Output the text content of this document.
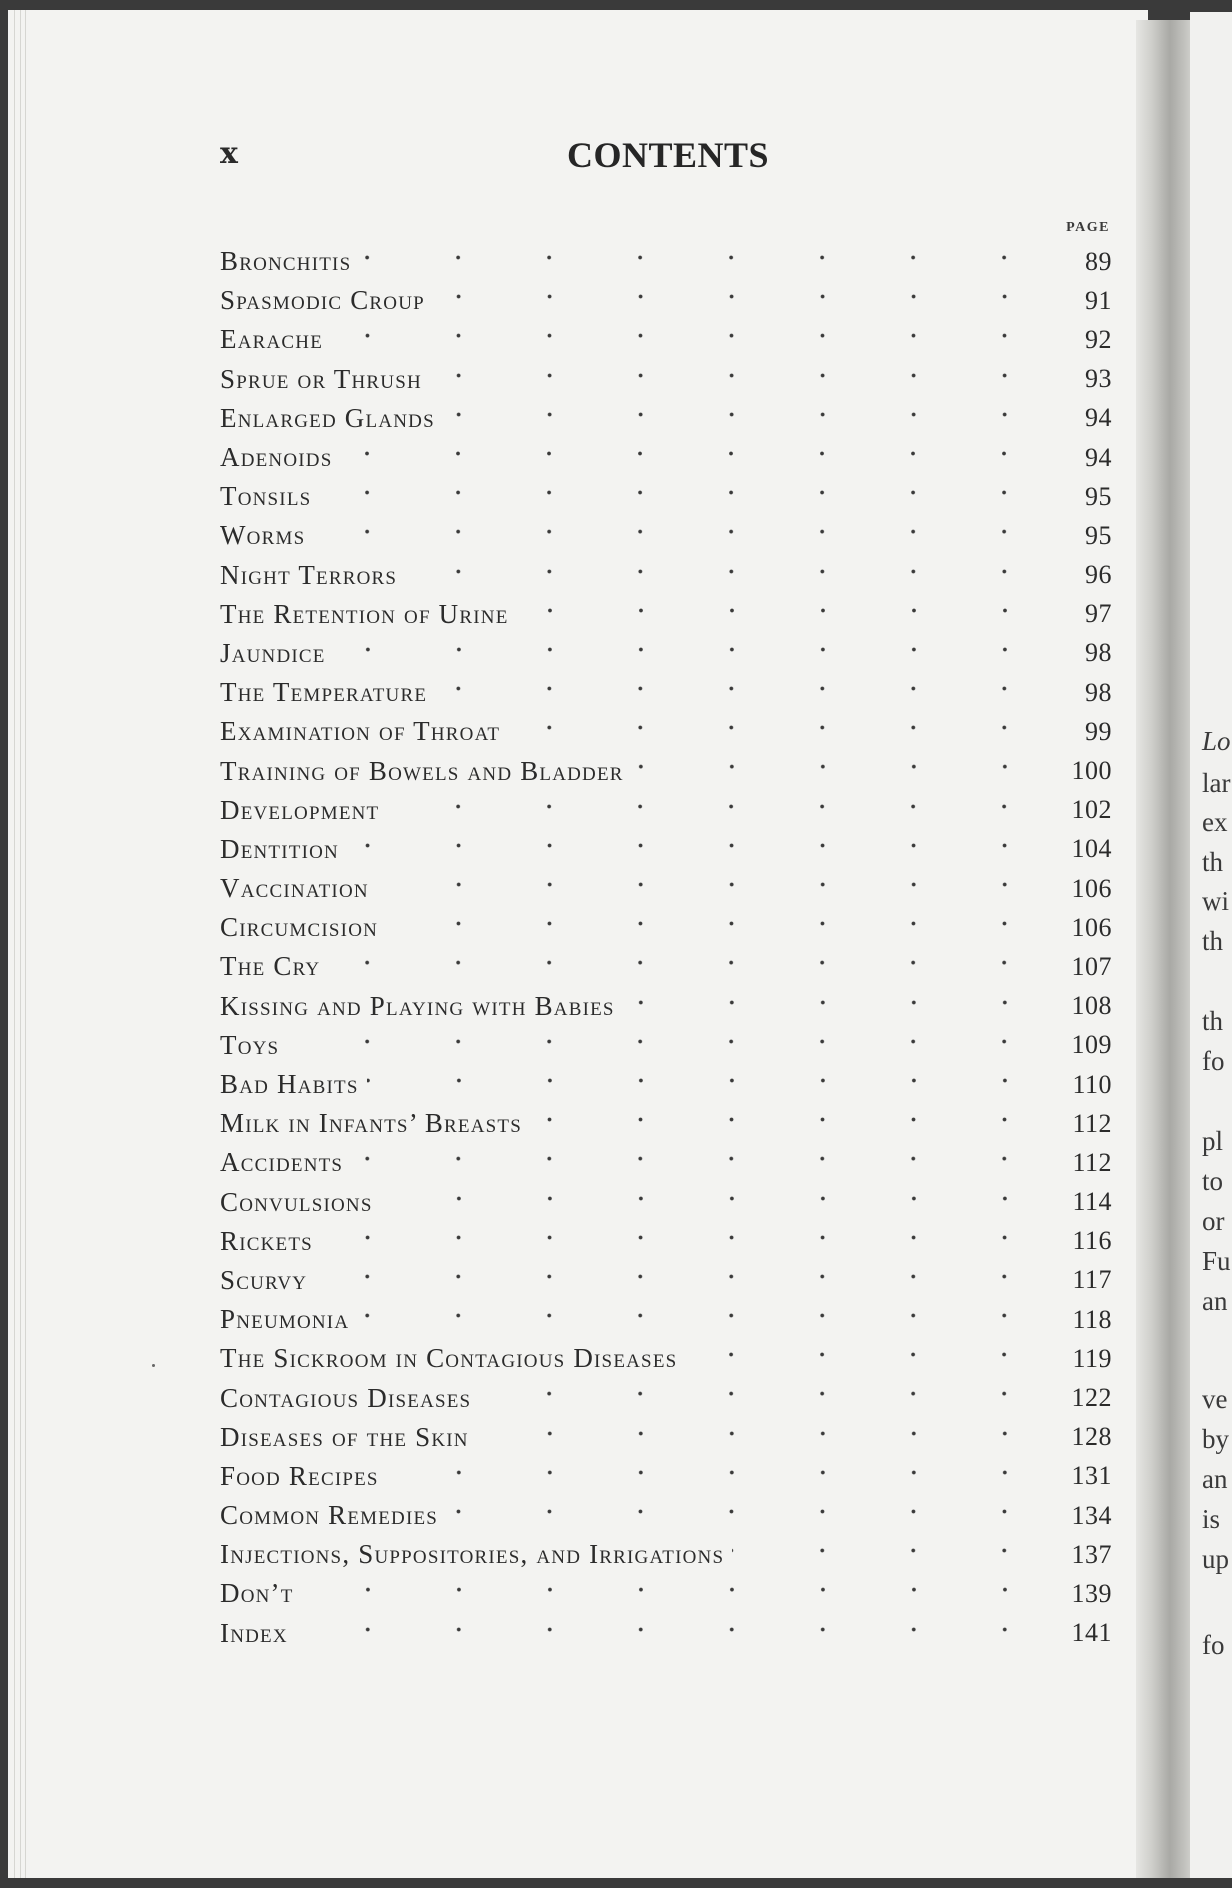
x	CONTENTS
PAGE
Bronchitis	89
Spasmodic Croup	91
Earache	92
Sprue or Thrush	93
Enlarged Glands	94
Adenoids	94
Tonsils	95
Worms	95
Night Terrors	96
The Retention of Urine	97
Jaundice	98
The Temperature	98
Examination of Throat	99
Training of Bowels and Bladder	100
Development	102
Dentition	104
Vaccination	106
Circumcision	106
The Cry	107
Kissing and Playing with Babies	108
Toys	109
Bad Habits	110
Milk in Infants’ Breasts	112
Accidents	112
Convulsions	114
Rickets	116
Scurvy	117
Pneumonia	118
The Sickroom in Contagious Diseases	119
Contagious Diseases	122
Diseases of the Skin	128
Food Recipes	131
Common Remedies	134
Injections, Suppositories, and Irrigations	137
Don’t	139
Index	141
Lo
lar
ex
th
wi
th
th
fo
pl
to
or
Fu
an
ve
by
an
is
up
fo
